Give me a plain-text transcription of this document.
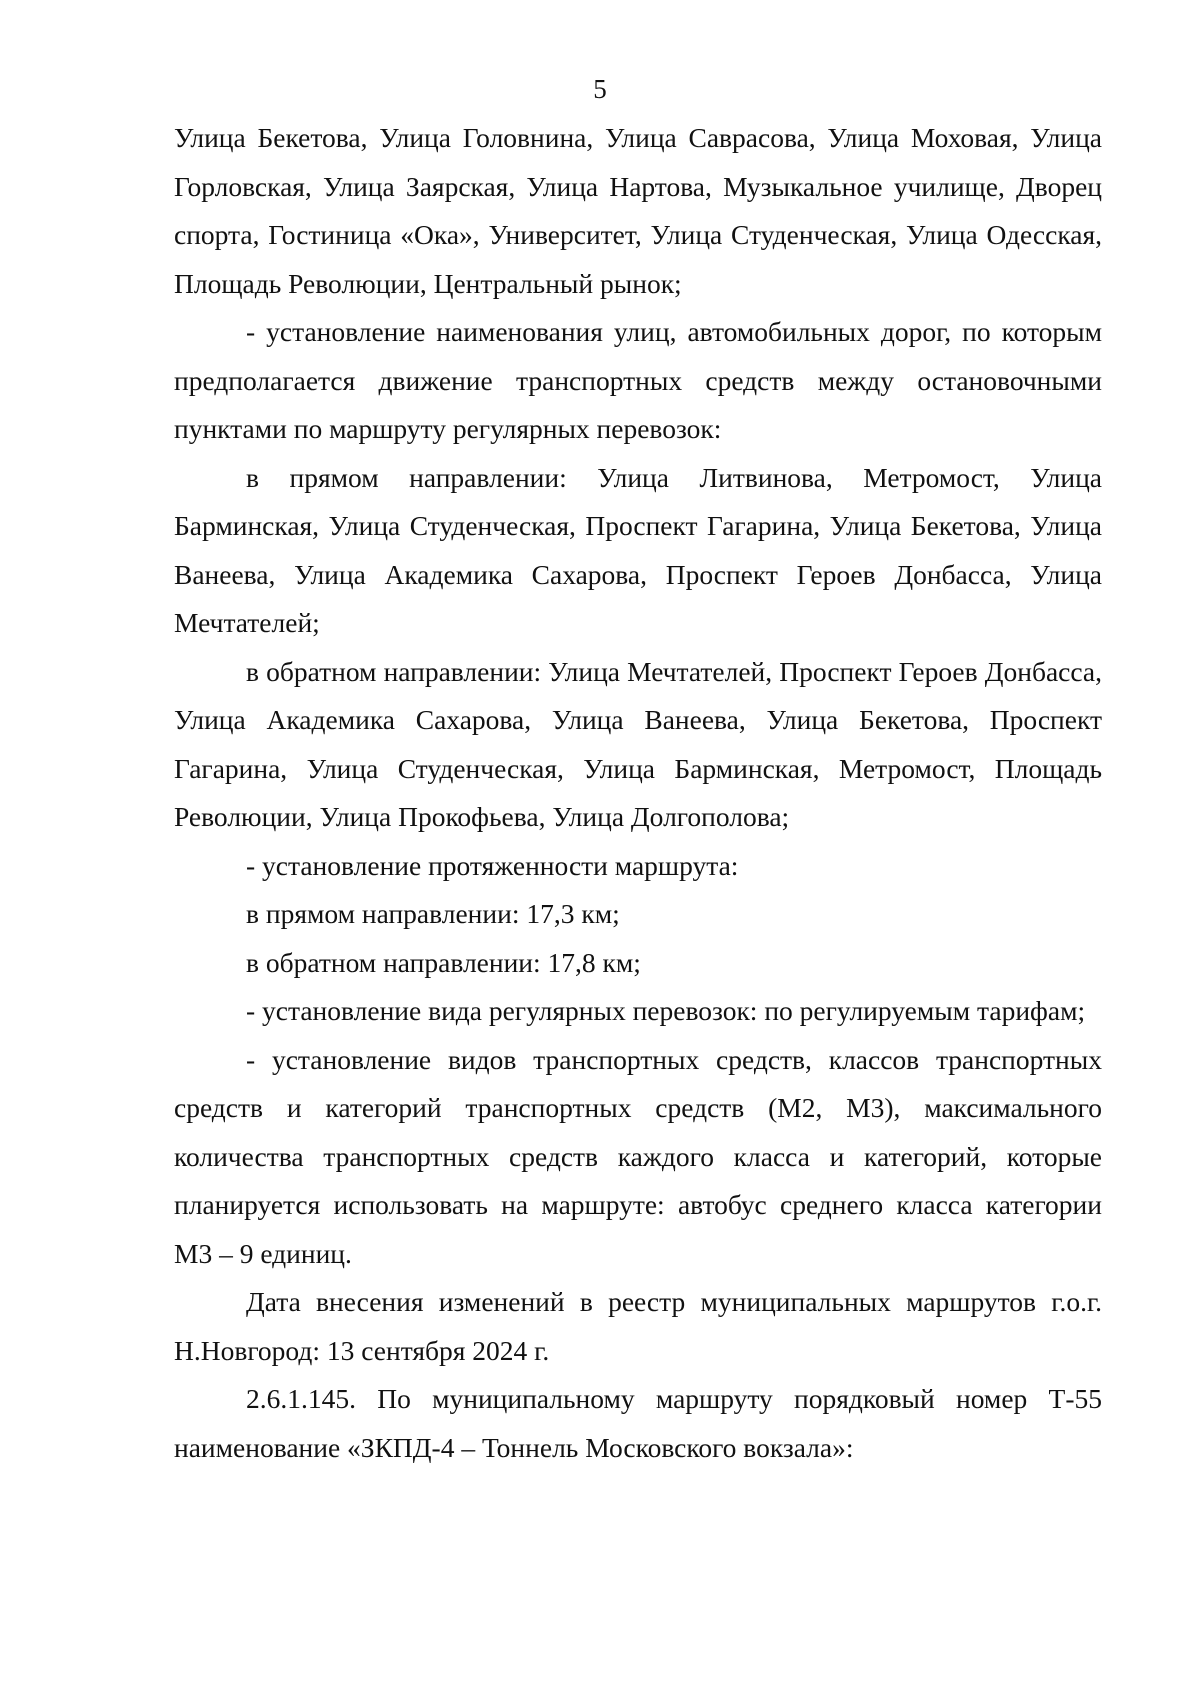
5

Улица Бекетова, Улица Головнина, Улица Саврасова, Улица Моховая, Улица Горловская, Улица Заярская, Улица Нартова, Музыкальное училище, Дворец спорта, Гостиница «Ока», Университет, Улица Студенческая, Улица Одесская, Площадь Революции, Центральный рынок;

- установление наименования улиц, автомобильных дорог, по которым предполагается движение транспортных средств между остановочными пунктами по маршруту регулярных перевозок:

в прямом направлении: Улица Литвинова, Метромост, Улица Барминская, Улица Студенческая, Проспект Гагарина, Улица Бекетова, Улица Ванеева, Улица Академика Сахарова, Проспект Героев Донбасса, Улица Мечтателей;

в обратном направлении: Улица Мечтателей, Проспект Героев Донбасса, Улица Академика Сахарова, Улица Ванеева, Улица Бекетова, Проспект Гагарина, Улица Студенческая, Улица Барминская, Метромост, Площадь Революции, Улица Прокофьева, Улица Долгополова;

- установление протяженности маршрута:

в прямом направлении: 17,3 км;

в обратном направлении: 17,8 км;

- установление вида регулярных перевозок: по регулируемым тарифам;

- установление видов транспортных средств, классов транспортных средств и категорий транспортных средств (М2, М3), максимального количества транспортных средств каждого класса и категорий, которые планируется использовать на маршруте: автобус среднего класса категории М3 – 9 единиц.

Дата внесения изменений в реестр муниципальных маршрутов г.о.г. Н.Новгород: 13 сентября 2024 г.

2.6.1.145. По муниципальному маршруту порядковый номер Т-55 наименование «ЗКПД-4 – Тоннель Московского вокзала»:
